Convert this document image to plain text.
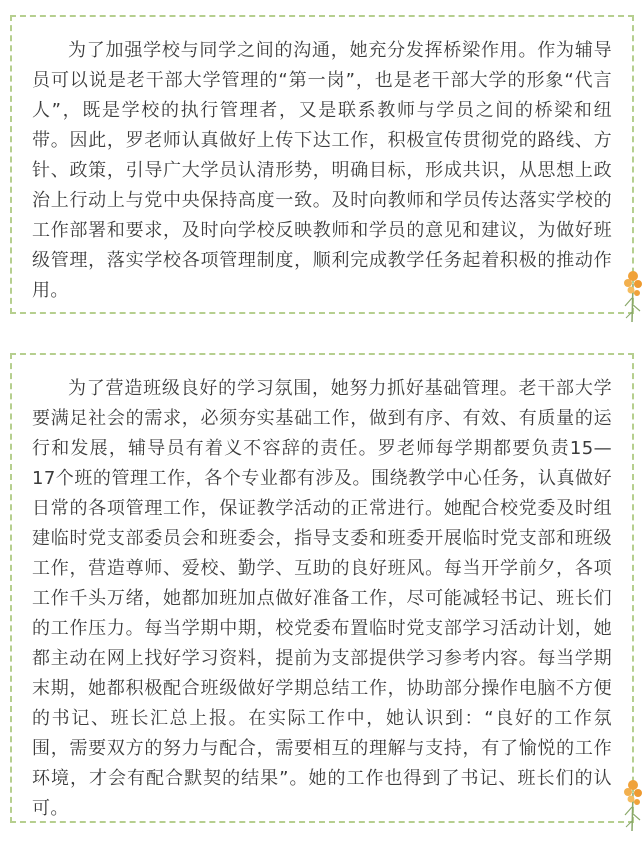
为了加强学校与同学之间的沟通，她充分发挥桥梁作用。作为辅导员可以说是老干部大学管理的“第一岗”，也是老干部大学的形象“代言人”，既是学校的执行管理者，又是联系教师与学员之间的桥梁和纽带。因此，罗老师认真做好上传下达工作，积极宣传贯彻党的路线、方针、政策，引导广大学员认清形势，明确目标，形成共识，从思想上政治上行动上与党中央保持高度一致。及时向教师和学员传达落实学校的工作部署和要求，及时向学校反映教师和学员的意见和建议，为做好班级管理，落实学校各项管理制度，顺利完成教学任务起着积极的推动作用。

为了营造班级良好的学习氛围，她努力抓好基础管理。老干部大学要满足社会的需求，必须夯实基础工作，做到有序、有效、有质量的运行和发展，辅导员有着义不容辞的责任。罗老师每学期都要负责15—17个班的管理工作，各个专业都有涉及。围绕教学中心任务，认真做好日常的各项管理工作，保证教学活动的正常进行。她配合校党委及时组建临时党支部委员会和班委会，指导支委和班委开展临时党支部和班级工作，营造尊师、爱校、勤学、互助的良好班风。每当开学前夕，各项工作千头万绪，她都加班加点做好准备工作，尽可能减轻书记、班长们的工作压力。每当学期中期，校党委布置临时党支部学习活动计划，她都主动在网上找好学习资料，提前为支部提供学习参考内容。每当学期末期，她都积极配合班级做好学期总结工作，协助部分操作电脑不方便的书记、班长汇总上报。在实际工作中，她认识到：“良好的工作氛围，需要双方的努力与配合，需要相互的理解与支持，有了愉悦的工作环境，才会有配合默契的结果”。她的工作也得到了书记、班长们的认可。
